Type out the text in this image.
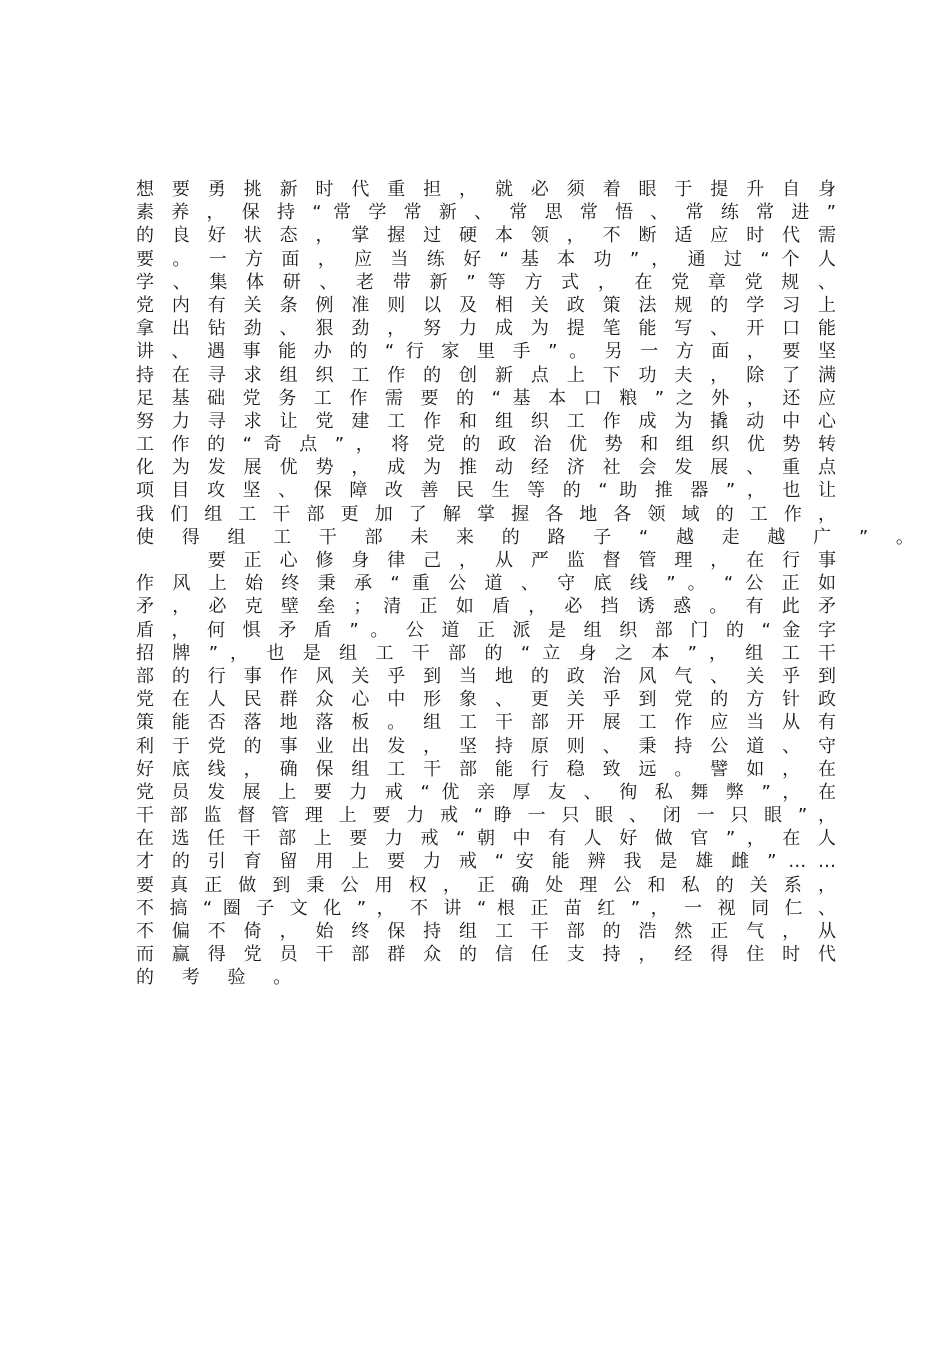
想 要 勇 挑 新 时 代 重 担 ， 就 必 须 着 眼 于 提 升 自 身
素 养 ， 保 持 “ 常 学 常 新 、 常 思 常 悟 、 常 练 常 进 ”
的 良 好 状 态 ， 掌 握 过 硬 本 领 ， 不 断 适 应 时 代 需
要 。 一 方 面 ， 应 当 练 好 “ 基 本 功 ” ， 通 过 “ 个 人
学 、 集 体 研 、 老 带 新 ” 等 方 式 ， 在 党 章 党 规 、
党 内 有 关 条 例 准 则 以 及 相 关 政 策 法 规 的 学 习 上
拿 出 钻 劲 、 狠 劲 ， 努 力 成 为 提 笔 能 写 、 开 口 能
讲 、 遇 事 能 办 的 “ 行 家 里 手 ” 。 另 一 方 面 ， 要 坚
持 在 寻 求 组 织 工 作 的 创 新 点 上 下 功 夫 ， 除 了 满
足 基 础 党 务 工 作 需 要 的 “ 基 本 口 粮 ” 之 外 ， 还 应
努 力 寻 求 让 党 建 工 作 和 组 织 工 作 成 为 撬 动 中 心
工 作 的 “ 奇 点 ” ， 将 党 的 政 治 优 势 和 组 织 优 势 转
化 为 发 展 优 势 ， 成 为 推 动 经 济 社 会 发 展 、 重 点
项 目 攻 坚 、 保 障 改 善 民 生 等 的 “ 助 推 器 ” ， 也 让
我 们 组 工 干 部 更 加 了 解 掌 握 各 地 各 领 域 的 工 作 ，
使 得 组 工 干 部 未 来 的 路 子 “ 越 走 越 广 ” 。
　 　 要 正 心 修 身 律 己 ， 从 严 监 督 管 理 ， 在 行 事
作 风 上 始 终 秉 承 “ 重 公 道 、 守 底 线 ” 。 “ 公 正 如
矛 ， 必 克 壁 垒 ； 清 正 如 盾 ， 必 挡 诱 惑 。 有 此 矛
盾 ， 何 惧 矛 盾 ” 。 公 道 正 派 是 组 织 部 门 的 “ 金 字
招 牌 ” ， 也 是 组 工 干 部 的 “ 立 身 之 本 ” ， 组 工 干
部 的 行 事 作 风 关 乎 到 当 地 的 政 治 风 气 、 关 乎 到
党 在 人 民 群 众 心 中 形 象 、 更 关 乎 到 党 的 方 针 政
策 能 否 落 地 落 板 。 组 工 干 部 开 展 工 作 应 当 从 有
利 于 党 的 事 业 出 发 ， 坚 持 原 则 、 秉 持 公 道 、 守
好 底 线 ， 确 保 组 工 干 部 能 行 稳 致 远 。 譬 如 ， 在
党 员 发 展 上 要 力 戒 “ 优 亲 厚 友 、 徇 私 舞 弊 ” ， 在
干 部 监 督 管 理 上 要 力 戒 “ 睁 一 只 眼 、 闭 一 只 眼 ” ，
在 选 任 干 部 上 要 力 戒 “ 朝 中 有 人 好 做 官 ” ， 在 人
才 的 引 育 留 用 上 要 力 戒 “ 安 能 辨 我 是 雄 雌 ” … …
要 真 正 做 到 秉 公 用 权 ， 正 确 处 理 公 和 私 的 关 系 ，
不 搞 “ 圈 子 文 化 ” ， 不 讲 “ 根 正 苗 红 ” ， 一 视 同 仁 、
不 偏 不 倚 ， 始 终 保 持 组 工 干 部 的 浩 然 正 气 ， 从
而 赢 得 党 员 干 部 群 众 的 信 任 支 持 ， 经 得 住 时 代
的 考 验 。
